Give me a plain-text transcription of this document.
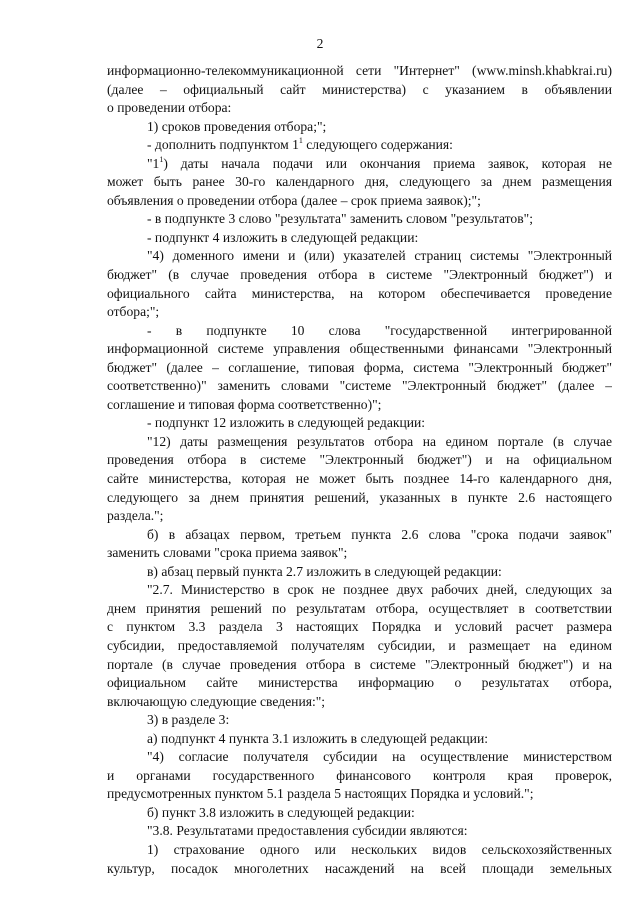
2
информационно-телекоммуникационной сети "Интернет" (www.minsh.khabkrai.ru)
(далее – официальный сайт министерства) с указанием в объявлении
о проведении отбора:
1) сроков проведения отбора;";
- дополнить подпунктом $1^1$ следующего содержания:
"$1^1$) даты начала подачи или окончания приема заявок, которая не
может быть ранее 30-го календарного дня, следующего за днем размещения
объявления о проведении отбора (далее – срок приема заявок);";
- в подпункте 3 слово "результата" заменить словом "результатов";
- подпункт 4 изложить в следующей редакции:
"4) доменного имени и (или) указателей страниц системы "Электронный
бюджет" (в случае проведения отбора в системе "Электронный бюджет") и
официального сайта министерства, на котором обеспечивается проведение
отбора;";
- в подпункте 10 слова "государственной интегрированной
информационной системе управления общественными финансами "Электронный
бюджет" (далее – соглашение, типовая форма, система "Электронный бюджет"
соответственно)" заменить словами "системе "Электронный бюджет" (далее –
соглашение и типовая форма соответственно)";
- подпункт 12 изложить в следующей редакции:
"12) даты размещения результатов отбора на едином портале (в случае
проведения отбора в системе "Электронный бюджет") и на официальном
сайте министерства, которая не может быть позднее 14-го календарного дня,
следующего за днем принятия решений, указанных в пункте 2.6 настоящего
раздела.";
б) в абзацах первом, третьем пункта 2.6 слова "срока подачи заявок"
заменить словами "срока приема заявок";
в) абзац первый пункта 2.7 изложить в следующей редакции:
"2.7. Министерство в срок не позднее двух рабочих дней, следующих за
днем принятия решений по результатам отбора, осуществляет в соответствии
с пунктом 3.3 раздела 3 настоящих Порядка и условий расчет размера
субсидии, предоставляемой получателям субсидии, и размещает на едином
портале (в случае проведения отбора в системе "Электронный бюджет") и на
официальном сайте министерства информацию о результатах отбора,
включающую следующие сведения:";
3) в разделе 3:
а) подпункт 4 пункта 3.1 изложить в следующей редакции:
"4) согласие получателя субсидии на осуществление министерством
и органами государственного финансового контроля края проверок,
предусмотренных пунктом 5.1 раздела 5 настоящих Порядка и условий.";
б) пункт 3.8 изложить в следующей редакции:
"3.8. Результатами предоставления субсидии являются:
1) страхование одного или нескольких видов сельскохозяйственных
культур, посадок многолетних насаждений на всей площади земельных
